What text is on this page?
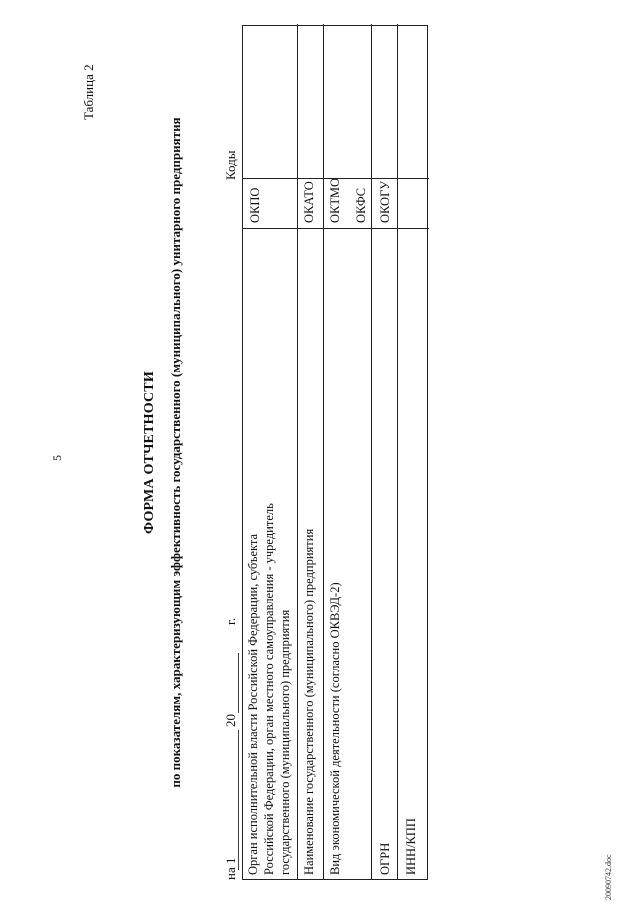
5
Таблица 2
ФОРМА ОТЧЕТНОСТИ по показателям, характеризующим эффективность государственного (муниципального) унитарного предприятия
на 1
20
г.
Коды
Орган исполнительной власти Российской Федерации, субъекта Российской Федерации, орган местного самоуправления - учредитель государственного (муниципального) предприятия
ОКПО
Наименование государственного (муниципального) предприятия
ОКАТО
Вид экономической деятельности (согласно ОКВЭД-2)
ОКТМО ОКФС
ОГРН
ОКОГУ
ИНН/КПП
20090742.doc
